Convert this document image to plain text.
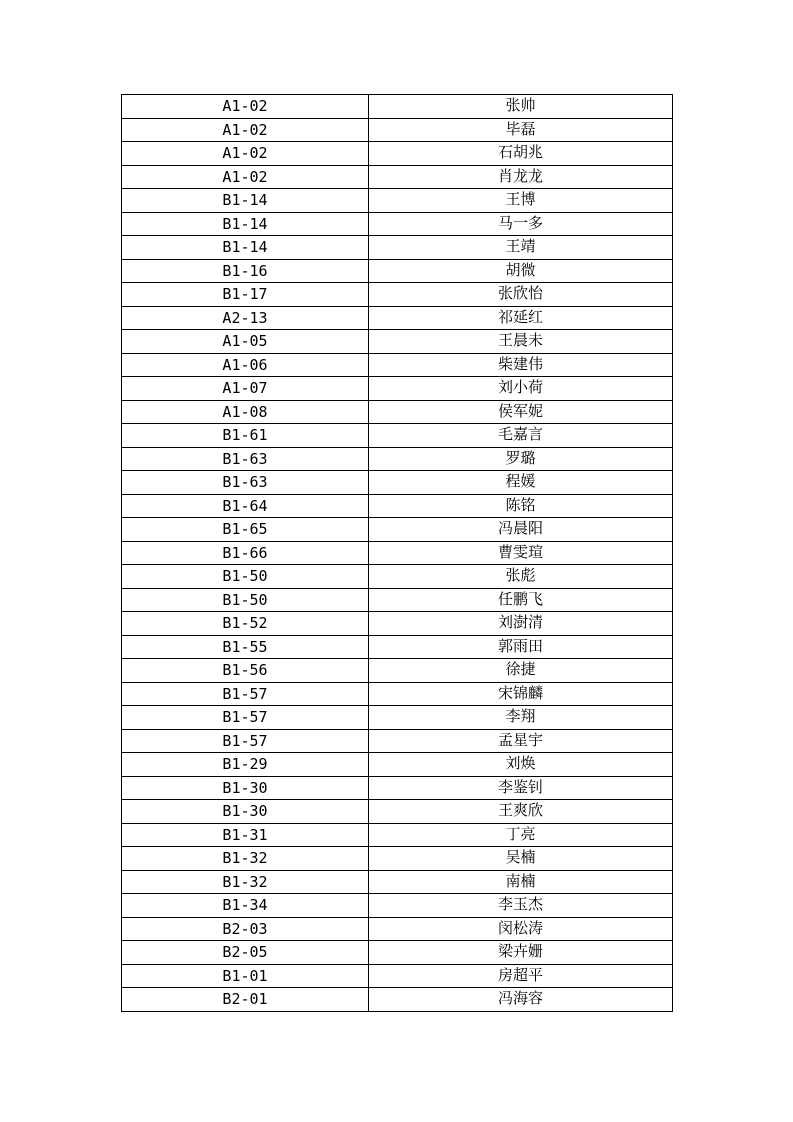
A1-02	张帅
A1-02	毕磊
A1-02	石胡兆
A1-02	肖龙龙
B1-14	王博
B1-14	马一多
B1-14	王靖
B1-16	胡微
B1-17	张欣怡
A2-13	祁延红
A1-05	王晨未
A1-06	柴建伟
A1-07	刘小荷
A1-08	侯军妮
B1-61	毛嘉言
B1-63	罗璐
B1-63	程媛
B1-64	陈铭
B1-65	冯晨阳
B1-66	曹雯瑄
B1-50	张彪
B1-50	任鹏飞
B1-52	刘澍清
B1-55	郭雨田
B1-56	徐捷
B1-57	宋锦麟
B1-57	李翔
B1-57	孟星宇
B1-29	刘焕
B1-30	李鉴钊
B1-30	王爽欣
B1-31	丁亮
B1-32	吴楠
B1-32	南楠
B1-34	李玉杰
B2-03	闵松涛
B2-05	梁卉姗
B1-01	房超平
B2-01	冯海容
